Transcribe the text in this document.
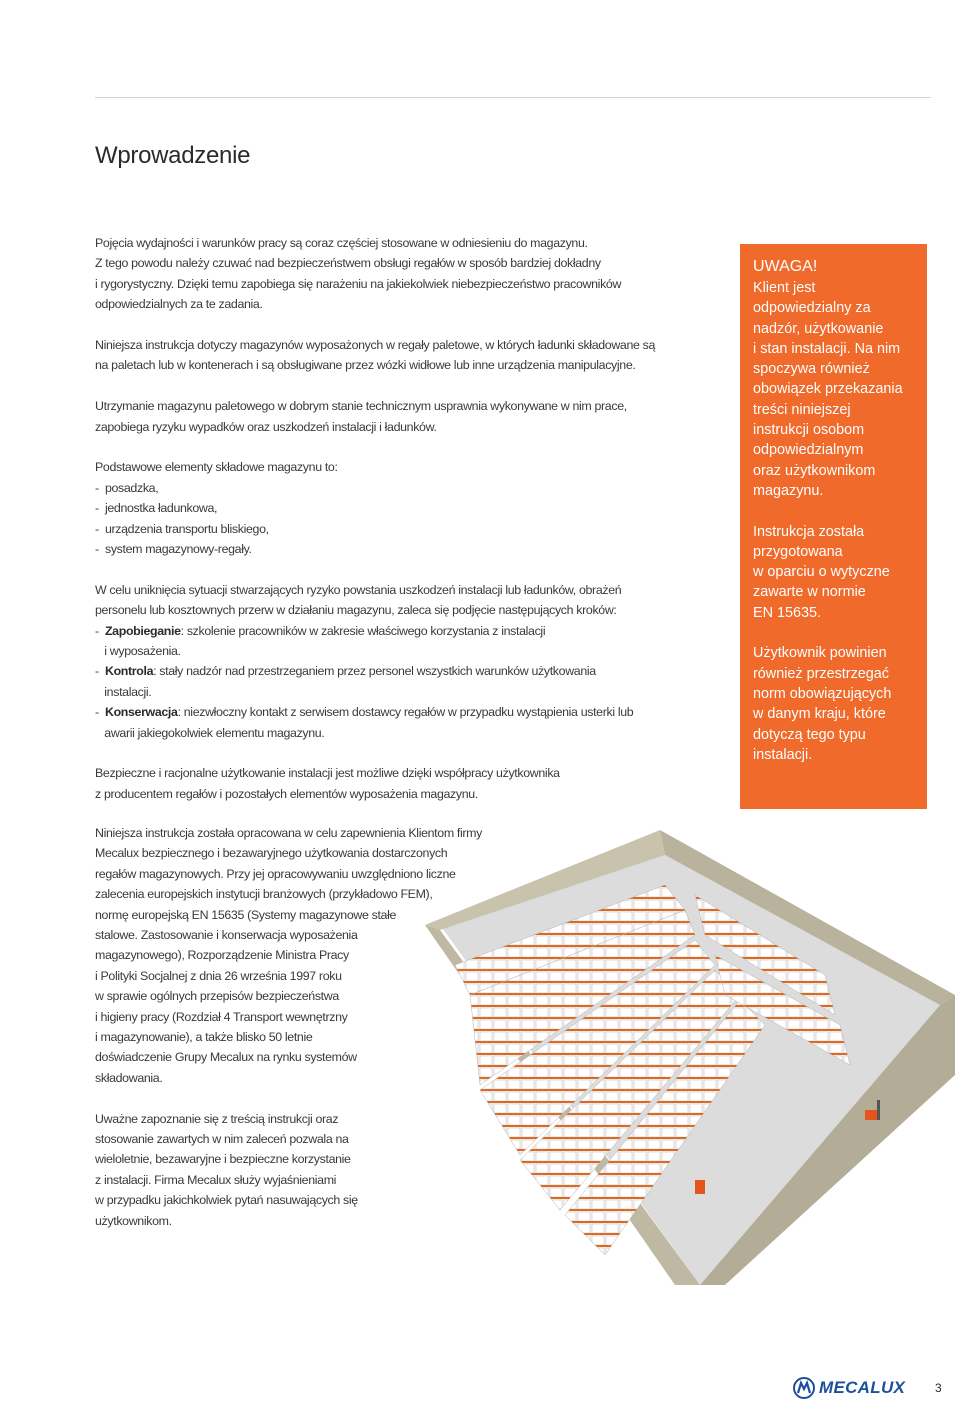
Wprowadzenie

Pojęcia wydajności i warunków pracy są coraz częściej stosowane w odniesieniu do magazynu.
Z tego powodu należy czuwać nad bezpieczeństwem obsługi regałów w sposób bardziej dokładny
i rygorystyczny. Dzięki temu zapobiega się narażeniu na jakiekolwiek niebezpieczeństwo pracowników
odpowiedzialnych za te zadania.

Niniejsza instrukcja dotyczy magazynów wyposażonych w regały paletowe, w których ładunki składowane są
na paletach lub w kontenerach i są obsługiwane przez wózki widłowe lub inne urządzenia manipulacyjne.

Utrzymanie magazynu paletowego w dobrym stanie technicznym usprawnia wykonywane w nim prace,
zapobiega ryzyku wypadków oraz uszkodzeń instalacji i ładunków.

Podstawowe elementy składowe magazynu to:
-  posadzka,
-  jednostka ładunkowa,
-  urządzenia transportu bliskiego,
-  system magazynowy-regały.

W celu uniknięcia sytuacji stwarzających ryzyko powstania uszkodzeń instalacji lub ładunków, obrażeń
personelu lub kosztownych przerw w działaniu magazynu, zaleca się podjęcie następujących kroków:
-  Zapobieganie: szkolenie pracowników w zakresie właściwego korzystania z instalacji
i wyposażenia.
-  Kontrola: stały nadzór nad przestrzeganiem przez personel wszystkich warunków użytkowania
instalacji.
-  Konserwacja: niezwłoczny kontakt z serwisem dostawcy regałów w przypadku wystąpienia usterki lub
awarii jakiegokolwiek elementu magazynu.

Bezpieczne i racjonalne użytkowanie instalacji jest możliwe dzięki współpracy użytkownika
z producentem regałów i pozostałych elementów wyposażenia magazynu.

UWAGA!

Klient jest
odpowiedzialny za
nadzór, użytkowanie
i stan instalacji. Na nim
spoczywa również
obowiązek przekazania
treści niniejszej
instrukcji osobom
odpowiedzialnym
oraz użytkownikom
magazynu.

Instrukcja została
przygotowana
w oparciu o wytyczne
zawarte w normie
EN 15635.

Użytkownik powinien
również przestrzegać
norm obowiązujących
w danym kraju, które
dotyczą tego typu
instalacji.

Niniejsza instrukcja została opracowana w celu zapewnienia Klientom firmy
Mecalux bezpiecznego i bezawaryjnego użytkowania dostarczonych
regałów magazynowych. Przy jej opracowywaniu uwzględniono liczne
zalecenia europejskich instytucji branżowych (przykładowo FEM),
normę europejską EN 15635 (Systemy magazynowe stałe
stalowe. Zastosowanie i konserwacja wyposażenia
magazynowego), Rozporządzenie Ministra Pracy
i Polityki Socjalnej z dnia 26 września 1997 roku
w sprawie ogólnych przepisów bezpieczeństwa
i higieny pracy (Rozdział 4 Transport wewnętrzny
i magazynowanie), a także blisko 50 letnie
doświadczenie Grupy Mecalux na rynku systemów
składowania.

Uważne zapoznanie się z treścią instrukcji oraz
stosowanie zawartych w nim zaleceń pozwala na
wieloletnie, bezawaryjne i bezpieczne korzystanie
z instalacji. Firma Mecalux służy wyjaśnieniami
w przypadku jakichkolwiek pytań nasuwających się
użytkownikom.

MECALUX 3
